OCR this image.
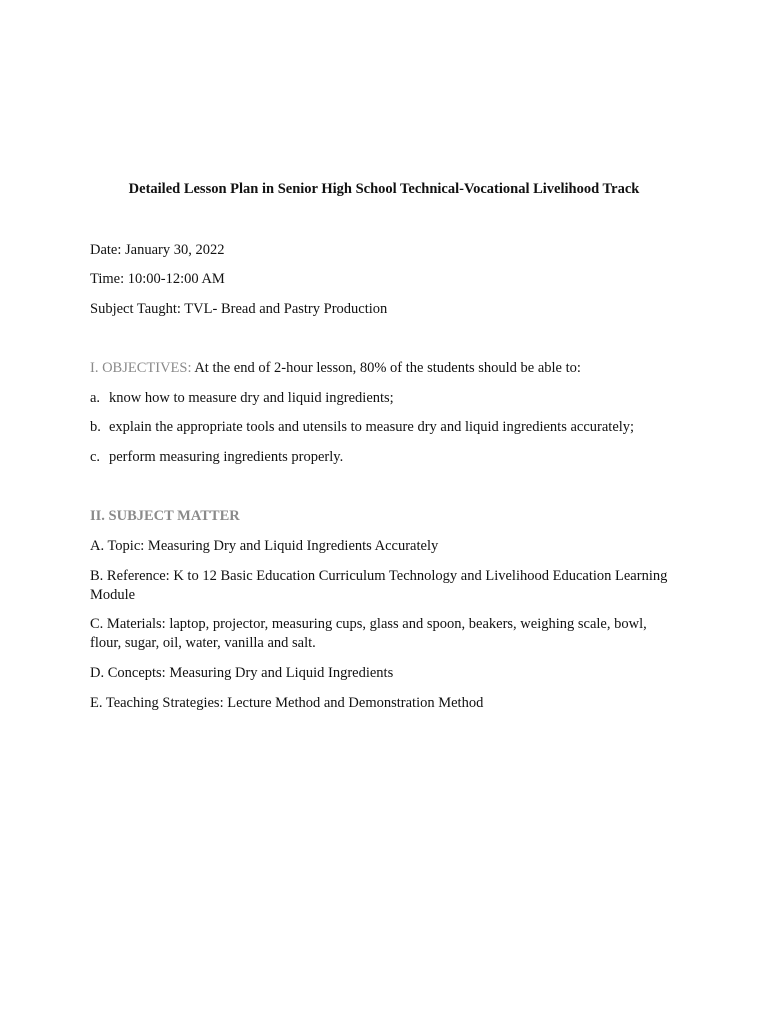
Detailed Lesson Plan in Senior High School Technical-Vocational Livelihood Track
Date: January 30, 2022
Time: 10:00-12:00 AM
Subject Taught: TVL- Bread and Pastry Production
I. OBJECTIVES: At the end of 2-hour lesson, 80% of the students should be able to:
a. know how to measure dry and liquid ingredients;
b. explain the appropriate tools and utensils to measure dry and liquid ingredients accurately;
c. perform measuring ingredients properly.
II. SUBJECT MATTER
A. Topic: Measuring Dry and Liquid Ingredients Accurately
B. Reference: K to 12 Basic Education Curriculum Technology and Livelihood Education Learning Module
C. Materials: laptop, projector, measuring cups, glass and spoon, beakers, weighing scale, bowl, flour, sugar, oil, water, vanilla and salt.
D. Concepts: Measuring Dry and Liquid Ingredients
E. Teaching Strategies: Lecture Method and Demonstration Method
